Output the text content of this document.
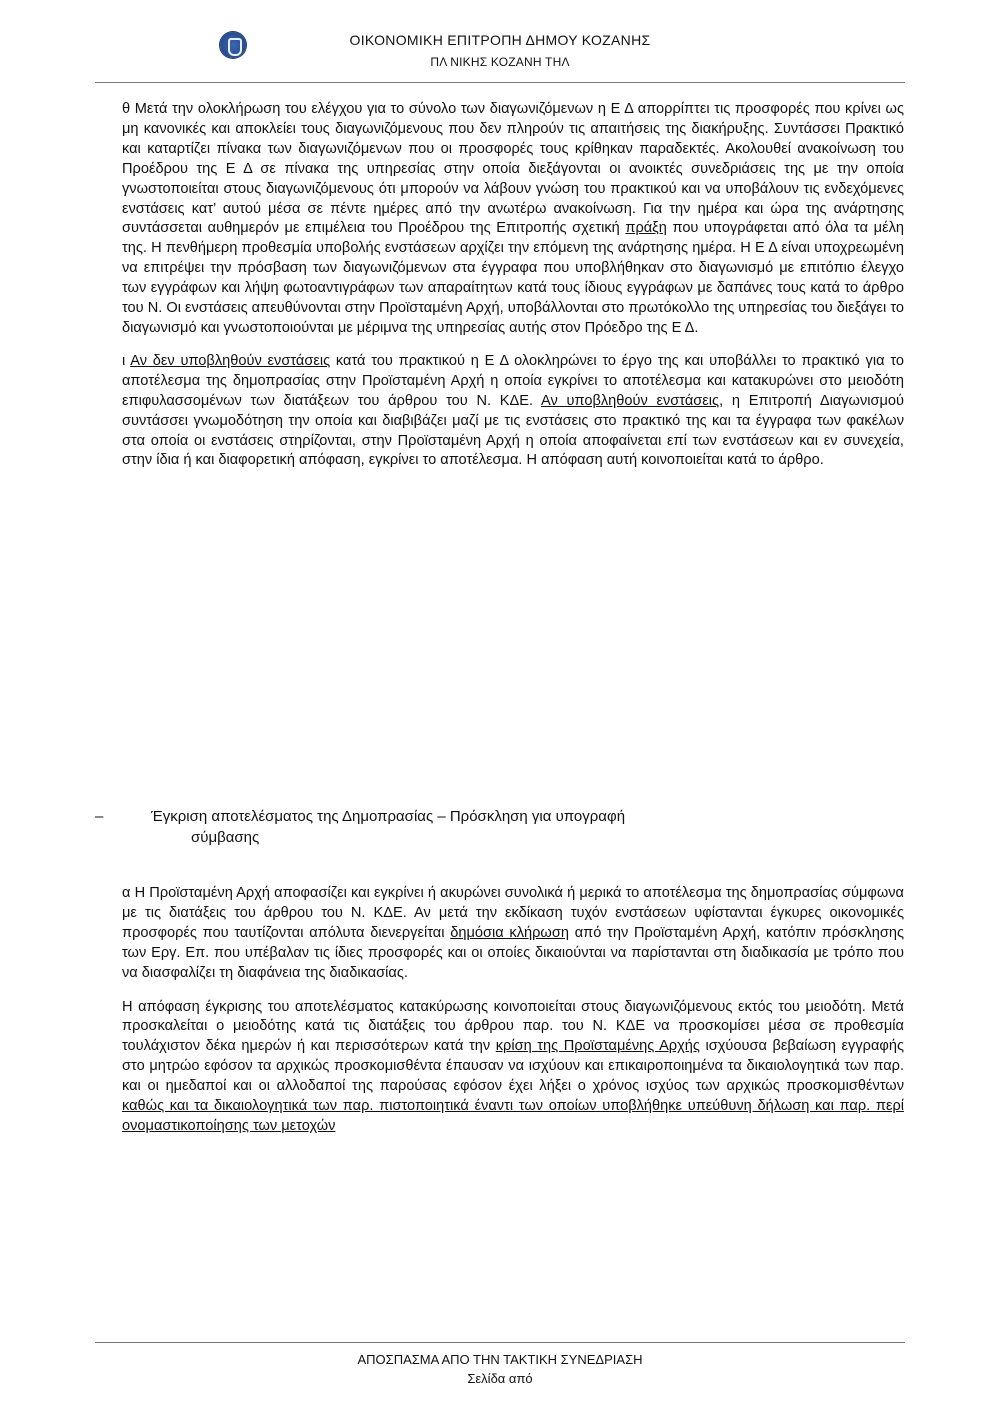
ΟΙΚΟΝΟΜΙΚΗ ΕΠΙΤΡΟΠΗ ΔΗΜΟΥ ΚΟΖΑΝΗΣ
ΠΛ ΝΙΚΗΣ ΚΟΖΑΝΗ ΤΗΛ

θ Μετά την ολοκλήρωση του ελέγχου για το σύνολο των διαγωνιζόμενων η Ε Δ απορρίπτει τις προσφορές που κρίνει ως μη κανονικές και αποκλείει τους διαγωνιζόμενους που δεν πληρούν τις απαιτήσεις της διακήρυξης. Συντάσσει Πρακτικό και καταρτίζει πίνακα των διαγωνιζόμενων που οι προσφορές τους κρίθηκαν παραδεκτές. Ακολουθεί ανακοίνωση του Προέδρου της Ε Δ σε πίνακα της υπηρεσίας στην οποία διεξάγονται οι ανοικτές συνεδριάσεις της με την οποία γνωστοποιείται στους διαγωνιζόμενους ότι μπορούν να λάβουν γνώση του πρακτικού και να υποβάλουν τις ενδεχόμενες ενστάσεις κατ’ αυτού μέσα σε πέντε ημέρες από την ανωτέρω ανακοίνωση. Για την ημέρα και ώρα της ανάρτησης συντάσσεται αυθημερόν με επιμέλεια του Προέδρου της Επιτροπής σχετική πράξη που υπογράφεται από όλα τα μέλη της. Η πενθήμερη προθεσμία υποβολής ενστάσεων αρχίζει την επόμενη της ανάρτησης ημέρα. Η Ε Δ είναι υποχρεωμένη να επιτρέψει την πρόσβαση των διαγωνιζόμενων στα έγγραφα που υποβλήθηκαν στο διαγωνισμό με επιτόπιο έλεγχο των εγγράφων και λήψη φωτοαντιγράφων των απαραίτητων κατά τους ίδιους εγγράφων με δαπάνες τους κατά το άρθρο του Ν. Οι ενστάσεις απευθύνονται στην Προϊσταμένη Αρχή, υποβάλλονται στο πρωτόκολλο της υπηρεσίας του διεξάγει το διαγωνισμό και γνωστοποιούνται με μέριμνα της υπηρεσίας αυτής στον Πρόεδρο της Ε Δ.

ι Αν δεν υποβληθούν ενστάσεις κατά του πρακτικού η Ε Δ ολοκληρώνει το έργο της και υποβάλλει το πρακτικό για το αποτέλεσμα της δημοπρασίας στην Προϊσταμένη Αρχή η οποία εγκρίνει το αποτέλεσμα και κατακυρώνει στο μειοδότη επιφυλασσομένων των διατάξεων του άρθρου του Ν. ΚΔΕ. Αν υποβληθούν ενστάσεις, η Επιτροπή Διαγωνισμού συντάσσει γνωμοδότηση την οποία και διαβιβάζει μαζί με τις ενστάσεις στο πρακτικό της και τα έγγραφα των φακέλων στα οποία οι ενστάσεις στηρίζονται, στην Προϊσταμένη Αρχή η οποία αποφαίνεται επί των ενστάσεων και εν συνεχεία, στην ίδια ή και διαφορετική απόφαση, εγκρίνει το αποτέλεσμα. Η απόφαση αυτή κοινοποιείται κατά το άρθρο.

–	Έγκριση αποτελέσματος της Δημοπρασίας – Πρόσκληση για υπογραφή
σύμβασης

α Η Προϊσταμένη Αρχή αποφασίζει και εγκρίνει ή ακυρώνει συνολικά ή μερικά το αποτέλεσμα της δημοπρασίας σύμφωνα με τις διατάξεις του άρθρου του Ν. ΚΔΕ. Αν μετά την εκδίκαση τυχόν ενστάσεων υφίστανται έγκυρες οικονομικές προσφορές που ταυτίζονται απόλυτα διενεργείται δημόσια κλήρωση από την Προϊσταμένη Αρχή, κατόπιν πρόσκλησης των Εργ. Επ. που υπέβαλαν τις ίδιες προσφορές και οι οποίες δικαιούνται να παρίστανται στη διαδικασία με τρόπο που να διασφαλίζει τη διαφάνεια της διαδικασίας.

Η απόφαση έγκρισης του αποτελέσματος κατακύρωσης κοινοποιείται στους διαγωνιζόμενους εκτός του μειοδότη. Μετά προσκαλείται ο μειοδότης κατά τις διατάξεις του άρθρου παρ. του Ν. ΚΔΕ να προσκομίσει μέσα σε προθεσμία τουλάχιστον δέκα ημερών ή και περισσότερων κατά την κρίση της Προϊσταμένης Αρχής ισχύουσα βεβαίωση εγγραφής στο μητρώο εφόσον τα αρχικώς προσκομισθέντα έπαυσαν να ισχύουν και επικαιροποιημένα τα δικαιολογητικά των παρ. και οι ημεδαποί και οι αλλοδαποί της παρούσας εφόσον έχει λήξει ο χρόνος ισχύος των αρχικώς προσκομισθέντων καθώς και τα δικαιολογητικά των παρ. πιστοποιητικά έναντι των οποίων υποβλήθηκε υπεύθυνη δήλωση και παρ. περί ονομαστικοποίησης των μετοχών

ΑΠΟΣΠΑΣΜΑ ΑΠΟ ΤΗΝ ΤΑΚΤΙΚΗ ΣΥΝΕΔΡΙΑΣΗ
Σελίδα από
